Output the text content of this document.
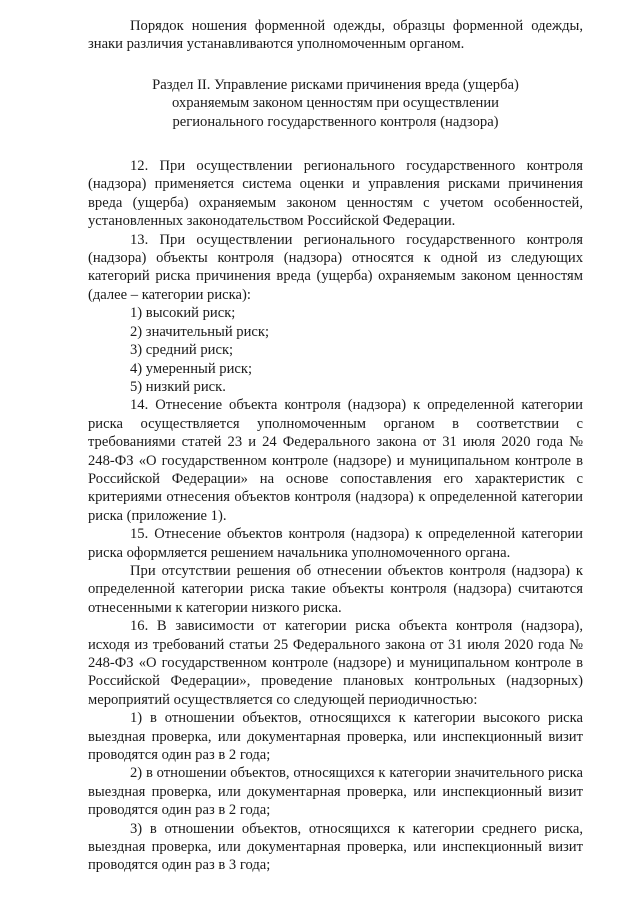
Порядок ношения форменной одежды, образцы форменной одежды, знаки различия устанавливаются уполномоченным органом.

Раздел II. Управление рисками причинения вреда (ущерба)
охраняемым законом ценностям при осуществлении
регионального государственного контроля (надзора)

12. При осуществлении регионального государственного контроля (надзора) применяется система оценки и управления рисками причинения вреда (ущерба) охраняемым законом ценностям с учетом особенностей, установленных законодательством Российской Федерации.

13. При осуществлении регионального государственного контроля (надзора) объекты контроля (надзора) относятся к одной из следующих категорий риска причинения вреда (ущерба) охраняемым законом ценностям (далее – категории риска):

1) высокий риск;

2) значительный риск;

3) средний риск;

4) умеренный риск;

5) низкий риск.

14. Отнесение объекта контроля (надзора) к определенной категории риска осуществляется уполномоченным органом в соответствии с требованиями статей 23 и 24 Федерального закона от 31 июля 2020 года № 248-ФЗ «О государственном контроле (надзоре) и муниципальном контроле в Российской Федерации» на основе сопоставления его характеристик с критериями отнесения объектов контроля (надзора) к определенной категории риска (приложение 1).

15. Отнесение объектов контроля (надзора) к определенной категории риска оформляется решением начальника уполномоченного органа.

При отсутствии решения об отнесении объектов контроля (надзора) к определенной категории риска такие объекты контроля (надзора) считаются отнесенными к категории низкого риска.

16. В зависимости от категории риска объекта контроля (надзора), исходя из требований статьи 25 Федерального закона от 31 июля 2020 года № 248-ФЗ «О государственном контроле (надзоре) и муниципальном контроле в Российской Федерации», проведение плановых контрольных (надзорных) мероприятий осуществляется со следующей периодичностью:

1) в отношении объектов, относящихся к категории высокого риска выездная проверка, или документарная проверка, или инспекционный визит проводятся один раз в 2 года;

2) в отношении объектов, относящихся к категории значительного риска выездная проверка, или документарная проверка, или инспекционный визит проводятся один раз в 2 года;

3) в отношении объектов, относящихся к категории среднего риска, выездная проверка, или документарная проверка, или инспекционный визит проводятся один раз в 3 года;
